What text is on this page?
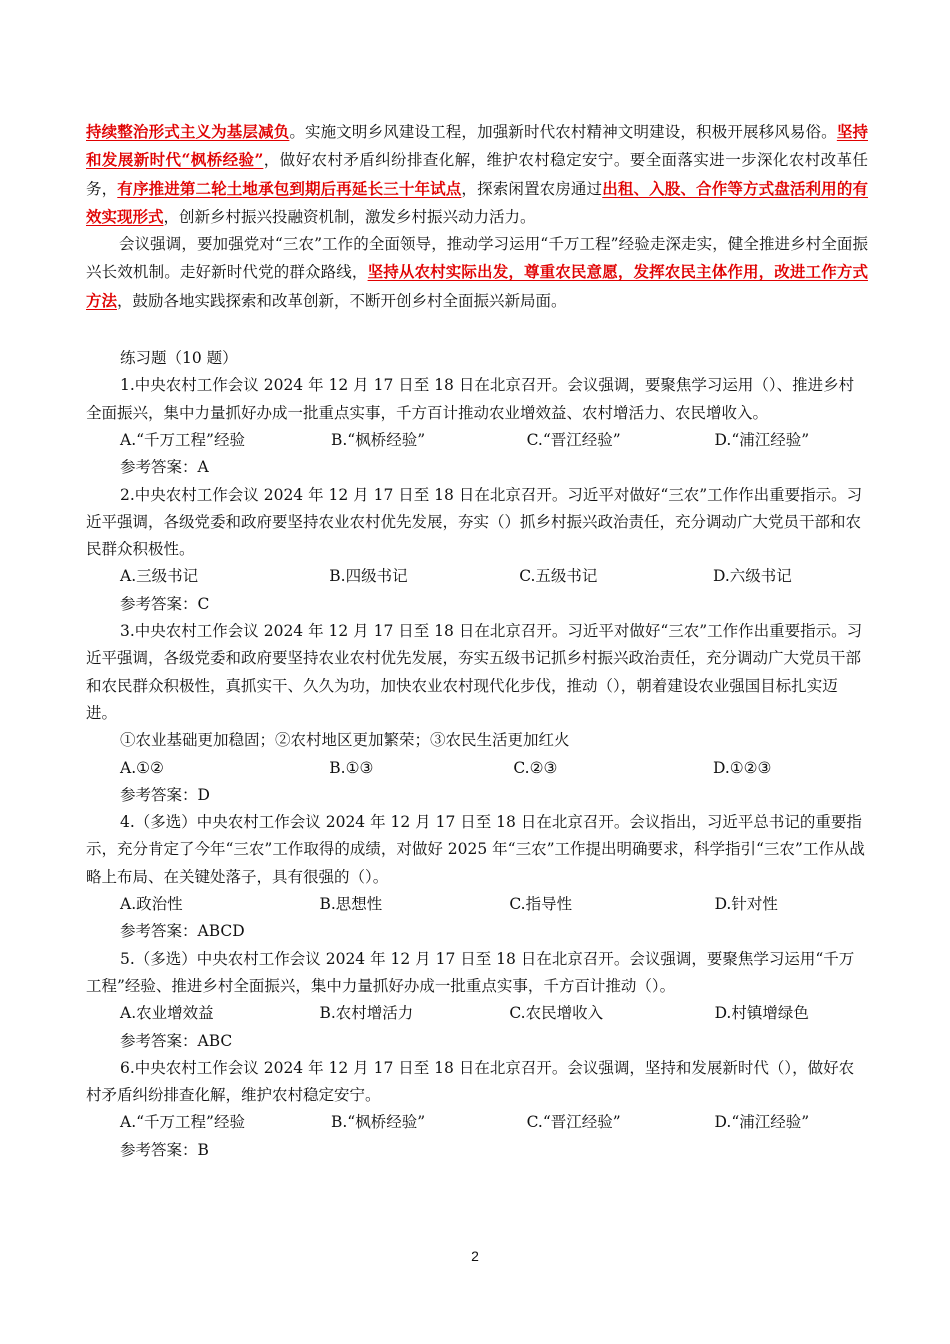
持续整治形式主义为基层减负。实施文明乡风建设工程，加强新时代农村精神文明建设，积极开展移风易俗。坚持和发展新时代“枫桥经验”，做好农村矛盾纠纷排查化解，维护农村稳定安宁。要全面落实进一步深化农村改革任务，有序推进第二轮土地承包到期后再延长三十年试点，探索闲置农房通过出租、入股、合作等方式盘活利用的有效实现形式，创新乡村振兴投融资机制，激发乡村振兴动力活力。

会议强调，要加强党对“三农”工作的全面领导，推动学习运用“千万工程”经验走深走实，健全推进乡村全面振兴长效机制。走好新时代党的群众路线，坚持从农村实际出发，尊重农民意愿，发挥农民主体作用，改进工作方式方法，鼓励各地实践探索和改革创新，不断开创乡村全面振兴新局面。

练习题（10 题）

1.中央农村工作会议 2024 年 12 月 17 日至 18 日在北京召开。会议强调，要聚焦学习运用（）、推进乡村全面振兴，集中力量抓好办成一批重点实事，千方百计推动农业增效益、农村增活力、农民增收入。

A.“千万工程”经验	B.“枫桥经验”	C.“晋江经验”	D.“浦江经验”
参考答案：A

2.中央农村工作会议 2024 年 12 月 17 日至 18 日在北京召开。习近平对做好“三农”工作作出重要指示。习近平强调，各级党委和政府要坚持农业农村优先发展，夯实（）抓乡村振兴政治责任，充分调动广大党员干部和农民群众积极性。

A.三级书记	B.四级书记	C.五级书记	D.六级书记
参考答案：C

3.中央农村工作会议 2024 年 12 月 17 日至 18 日在北京召开。习近平对做好“三农”工作作出重要指示。习近平强调，各级党委和政府要坚持农业农村优先发展，夯实五级书记抓乡村振兴政治责任，充分调动广大党员干部和农民群众积极性，真抓实干、久久为功，加快农业农村现代化步伐，推动（），朝着建设农业强国目标扎实迈进。

①农业基础更加稳固；②农村地区更加繁荣；③农民生活更加红火

A.①②	B.①③	C.②③	D.①②③
参考答案：D

4.（多选）中央农村工作会议 2024 年 12 月 17 日至 18 日在北京召开。会议指出，习近平总书记的重要指示，充分肯定了今年“三农”工作取得的成绩，对做好 2025 年“三农”工作提出明确要求，科学指引“三农”工作从战略上布局、在关键处落子，具有很强的（）。

A.政治性	B.思想性	C.指导性	D.针对性
参考答案：ABCD

5.（多选）中央农村工作会议 2024 年 12 月 17 日至 18 日在北京召开。会议强调，要聚焦学习运用“千万工程”经验、推进乡村全面振兴，集中力量抓好办成一批重点实事，千方百计推动（）。

A.农业增效益	B.农村增活力	C.农民增收入	D.村镇增绿色
参考答案：ABC

6.中央农村工作会议 2024 年 12 月 17 日至 18 日在北京召开。会议强调，坚持和发展新时代（），做好农村矛盾纠纷排查化解，维护农村稳定安宁。

A.“千万工程”经验	B.“枫桥经验”	C.“晋江经验”	D.“浦江经验”
参考答案：B
2
